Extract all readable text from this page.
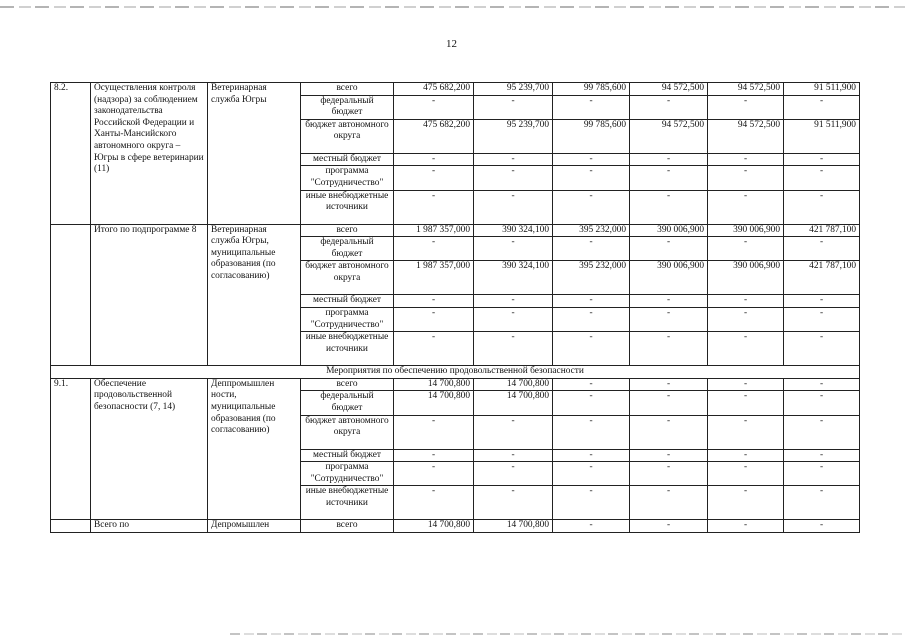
12
8.2.	Осуществления контроля (надзора) за соблюдением законодательства Российской Федерации и Ханты-Мансийского автономного округа – Югры в сфере ветеринарии (11)	Ветеринарная служба Югры	всего	475 682,200	95 239,700	99 785,600	94 572,500	94 572,500	91 511,900
			федеральный бюджет	-	-	-	-	-	-
			бюджет автономного округа	475 682,200	95 239,700	99 785,600	94 572,500	94 572,500	91 511,900
			местный бюджет	-	-	-	-	-	-
			программа "Сотрудничество"	-	-	-	-	-	-
			иные внебюджетные источники	-	-	-	-	-	-
	Итого по подпрограмме 8	Ветеринарная служба Югры, муниципальные образования (по согласованию)	всего	1 987 357,000	390 324,100	395 232,000	390 006,900	390 006,900	421 787,100
			федеральный бюджет	-	-	-	-	-	-
			бюджет автономного округа	1 987 357,000	390 324,100	395 232,000	390 006,900	390 006,900	421 787,100
			местный бюджет	-	-	-	-	-	-
			программа "Сотрудничество"	-	-	-	-	-	-
			иные внебюджетные источники	-	-	-	-	-	-
Мероприятия по обеспечению продовольственной безопасности									
9.1.	Обеспечение продовольственной безопасности (7, 14)	Деппромышлен ности, муниципальные образования (по согласованию)	всего	14 700,800	14 700,800	-	-	-	-
			федеральный бюджет	14 700,800	14 700,800	-	-	-	-
			бюджет автономного округа	-	-	-	-	-	-
			местный бюджет	-	-	-	-	-	-
			программа "Сотрудничество"	-	-	-	-	-	-
			иные внебюджетные источники	-	-	-	-	-	-
	Всего по	Депромышлен	всего	14 700,800	14 700,800	-	-	-	-
